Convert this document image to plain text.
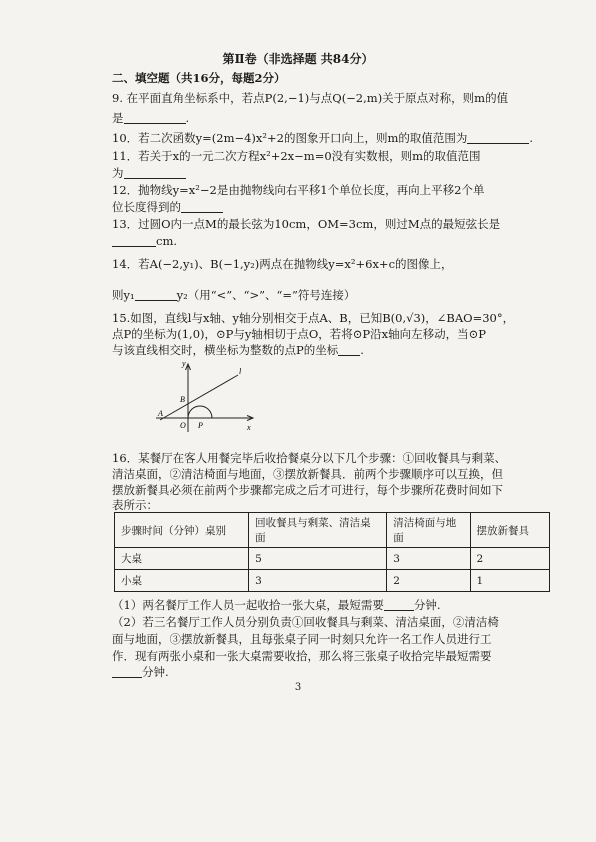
第Ⅱ卷（非选择题 共84分）
二、填空题（共16分，每题2分）
9. 在平面直角坐标系中，若点P(2,−1)与点Q(−2,m)关于原点对称，则m的值
是	.
10．若二次函数y=(2m−4)x²+2的图象开口向上，则m的取值范围为	.
11．若关于x的一元二次方程x²+2x−m=0没有实数根，则m的取值范围
为
12．抛物线y=x²−2是由抛物线向右平移1个单位长度，再向上平移2个单
位长度得到的
13．过圆O内一点M的最长弦为10cm，OM=3cm，则过M点的最短弦长是
cm.
14．若A(−2,y₁)、B(−1,y₂)两点在抛物线y=x²+6x+c的图像上，
则y₁	y₂（用“<”、“>”、“=”符号连接）
15.如图，直线l与x轴、y轴分别相交于点A、B，已知B(0,√3)，∠BAO=30°，
点P的坐标为(1,0)，⊙P与y轴相切于点O，若将⊙P沿x轴向左移动，当⊙P
与该直线相交时，横坐标为整数的点P的坐标 .
y
x
l
A
B
O P
16．某餐厅在客人用餐完毕后收拾餐桌分以下几个步骤：①回收餐具与剩菜、
清洁桌面，②清洁椅面与地面，③摆放新餐具．前两个步骤顺序可以互换，但
摆放新餐具必须在前两个步骤都完成之后才可进行，每个步骤所花费时间如下
表所示：
步骤时间（分钟）桌别	回收餐具与剩菜、清洁桌面	清洁椅面与地面	摆放新餐具
大桌	5	3	2
小桌	3	2	1
（1）两名餐厅工作人员一起收拾一张大桌，最短需要	分钟.
（2）若三名餐厅工作人员分别负责①回收餐具与剩菜、清洁桌面，②清洁椅
面与地面，③摆放新餐具，且每张桌子同一时刻只允许一名工作人员进行工
作．现有两张小桌和一张大桌需要收拾，那么将三张桌子收拾完毕最短需要
分钟.
3
